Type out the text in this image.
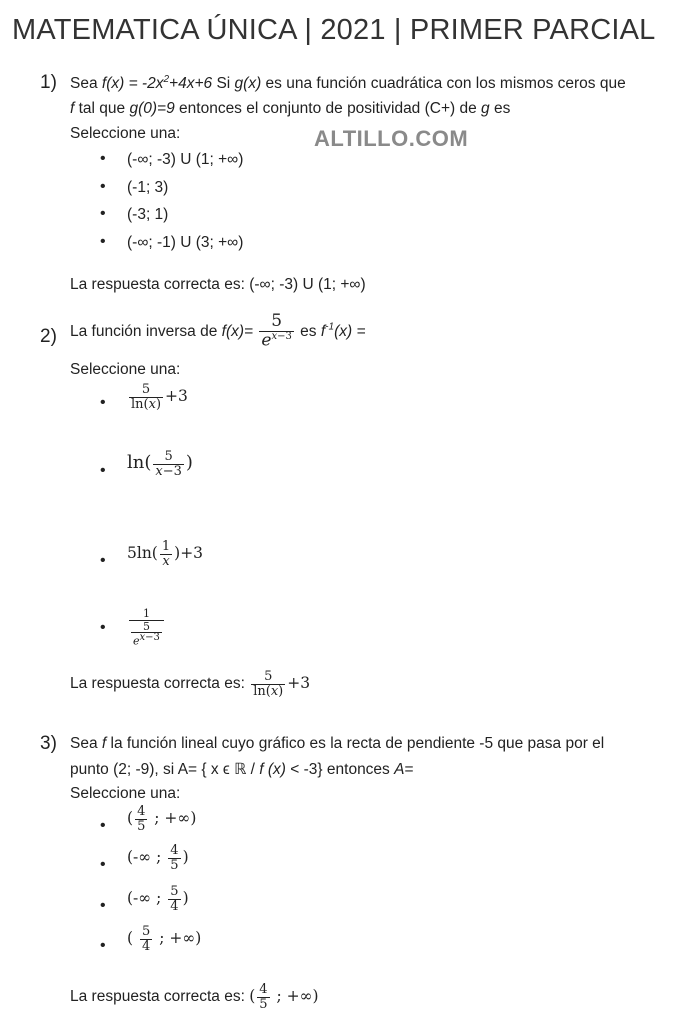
MATEMATICA ÚNICA | 2021 | PRIMER PARCIAL
ALTILLO.COM
1) Sea $f(x) = -2x^2+4x+6$ Si g(x) es una función cuadrática con los mismos ceros que
f tal que g(0)=9 entonces el conjunto de positividad (C+) de g es
Seleccione una:
• (-∞; -3) U (1; +∞)
• (-1; 3)
• (-3; 1)
• (-∞; -1) U (3; +∞)
La respuesta correcta es: (-∞; -3) U (1; +∞)
2) La función inversa de $f(x)= \frac{5}{e^{x-3}}$ es $f^{-1}(x)$ =
Seleccione una:
• $\frac{5}{\ln(x)} +3$
• $\ln( \frac{5}{x-3}$ )
• $5\ln( \frac{1}{x} )+3$
• $\frac{1}{\frac{5}{e^{x-3}}}$
La respuesta correcta es: $\frac{5}{\ln(x)} +3$
3) Sea f la función lineal cuyo gráfico es la recta de pendiente -5 que pasa por el
punto (2; -9), si A= { x ϵ ℝ / f (x) < -3} entonces A=
Seleccione una:
• ( $\frac{4}{5}$ ; +∞)
• (-∞ ; $\frac{4}{5}$ )
• (-∞ ; $\frac{5}{4}$ )
• ( $\frac{5}{4}$ ; +∞)
La respuesta correcta es: ( $\frac{4}{5}$ ; +∞)
